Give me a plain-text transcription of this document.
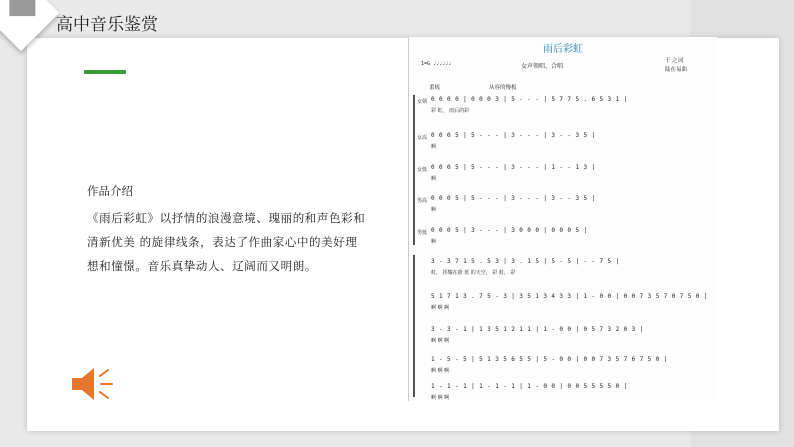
高中音乐鉴赏
作品介绍
《雨后彩虹》以抒情的浪漫意境、瑰丽的和声色彩和清新优美 的旋律线条，表达了作曲家心中的美好理想和憧憬。音乐真挚动人、辽阔而又明朗。
雨后彩虹
1=G ♩♩♩♩♩♩	女声领唱、合唱
于 之词
陆在易曲
柔板	从容的慢板
女领 0 0 0 0 | 0 0 0 3 | 5 - - - | 5 7 7 5 . 6 5 3 1 |
彩 虹， 雨后的彩
女高 0 0 0 5 | 5 - - - | 3 - - - | 3 - - 3 5 |
啊
女低 0 0 0 5 | 5 - - - | 3 - - - | 1 - - 1 3 |
啊
男高 0 0 0 5 | 5 - - - | 3 - - - | 3 - - 3 5 |
啊
男低 0 0 0 5 | 3 - - - | 3 0 0 0 | 0 0 0 5 |
啊
3 - 3 7 1 5 . 5 3 | 3 . 1 5 | 5 - 5 | - - 7 5 |
虹， 挥耀在蔚 蓝 的天空， 彩 虹， 彩
5 1 7 1 3 . 7 5 - 3 | 3 5 1 3 4 3 3 | 1 - 0 0 | 0 0 7 3 5 7 0 7 5 0 |
啊 啊 啊
3 - 3 - 1 | 1 3 5 1 2 1 1 | 1 - 0 0 | 0 5 7 3 2 0 3 |
啊 啊 啊
1 - 5 - 5 | 5 1 3 5 6 5 5 | 5 - 0 0 | 0 0 7 3 5 7 6 7 5 0 |
啊 啊 啊
1 - 1 - 1 | 1 - 1 - 1 | 1 - 0 0 | 0 0 5 5 5 5 0 |
啊 啊 啊
